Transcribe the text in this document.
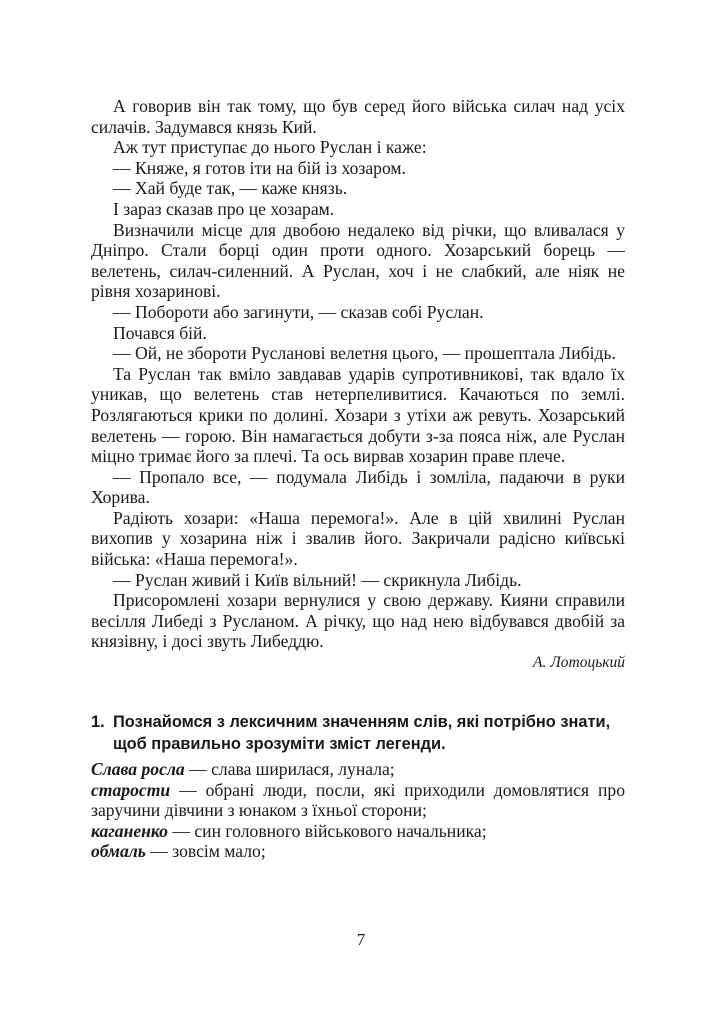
А говорив він так тому, що був серед його війська силач над усіх силачів. Задумався князь Кий.

Аж тут приступає до нього Руслан і каже:

— Княже, я готов іти на бій із хозаром.

— Хай буде так, — каже князь.

І зараз сказав про це хозарам.

Визначили місце для двобою недалеко від річки, що вливалася у Дніпро. Стали борці один проти одного. Хозарський борець — велетень, силач-силенний. А Руслан, хоч і не слабкий, але ніяк не рівня хозаринові.

— Побороти або загинути, — сказав собі Руслан.

Почався бій.

— Ой, не збороти Русланові велетня цього, — прошептала Либідь.

Та Руслан так вміло завдавав ударів супротивникові, так вдало їх уникав, що велетень став нетерпеливитися. Качаються по землі. Розлягаються крики по долині. Хозари з утіхи аж ревуть. Хозарський велетень — горою. Він намагається добути з-за пояса ніж, але Руслан міцно тримає його за плечі. Та ось вирвав хозарин праве плече.

— Пропало все, — подумала Либідь і зомліла, падаючи в руки Хорива.

Радіють хозари: «Наша перемога!». Але в цій хвилині Руслан вихопив у хозарина ніж і звалив його. Закричали радісно київські війська: «Наша перемога!».

— Руслан живий і Київ вільний! — скрикнула Либідь.

Присоромлені хозари вернулися у свою державу. Кияни справили весілля Либеді з Русланом. А річку, що над нею відбувався двобій за князівну, і досі звуть Либеддю.

А. Лотоцький

1. Познайомся з лексичним значенням слів, які потрібно знати, щоб правильно зрозуміти зміст легенди.

Слава росла — слава ширилася, лунала;

старости — обрані люди, посли, які приходили домовлятися про заручини дівчини з юнаком з їхньої сторони;

каганенко — син головного військового начальника;

обмаль — зовсім мало;

7
